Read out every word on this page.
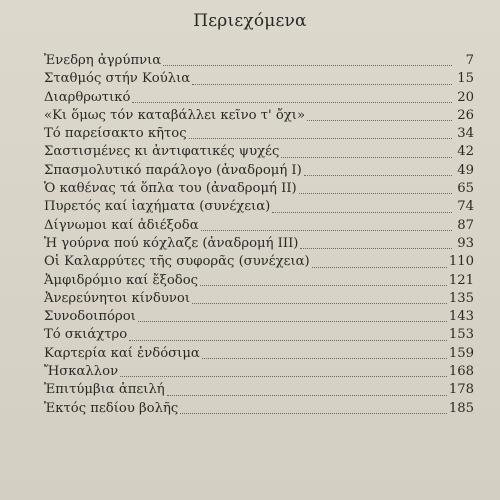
Περιεχόμενα
Ἐνεδρη ἀγρύπνια	7
Σταθμός στήν Κούλια	15
Διαρθρωτικό	20
«Κι ὅμως τόν καταβάλλει κεῖνο τ' ὄχι»	26
Τό παρείσακτο κῆτος	34
Σαστισμένες κι ἀντιφατικές ψυχές	42
Σπασμολυτικό παράλογο (ἀναδρομή Ι)	49
Ὁ καθένας τά ὅπλα του (ἀναδρομή ΙΙ)	65
Πυρετός καί ἰαχήματα (συνέχεια)	74
Δίγνωμοι καί ἀδιέξοδα	87
Ἡ γούρνα πού κόχλαζε (ἀναδρομή ΙΙΙ)	93
Οἱ Καλαρρύτες τῆς συφορᾶς (συνέχεια)	110
Ἀμφιδρόμιο καί ἔξοδος	121
Ἀνερεύνητοι κίνδυνοι	135
Συνοδοιπόροι	143
Τό σκιάχτρο	153
Καρτερία καί ἐνδόσιμα	159
Ἤσκαλλον	168
Ἐπιτύμβια ἀπειλή	178
Ἐκτός πεδίου βολῆς	185
